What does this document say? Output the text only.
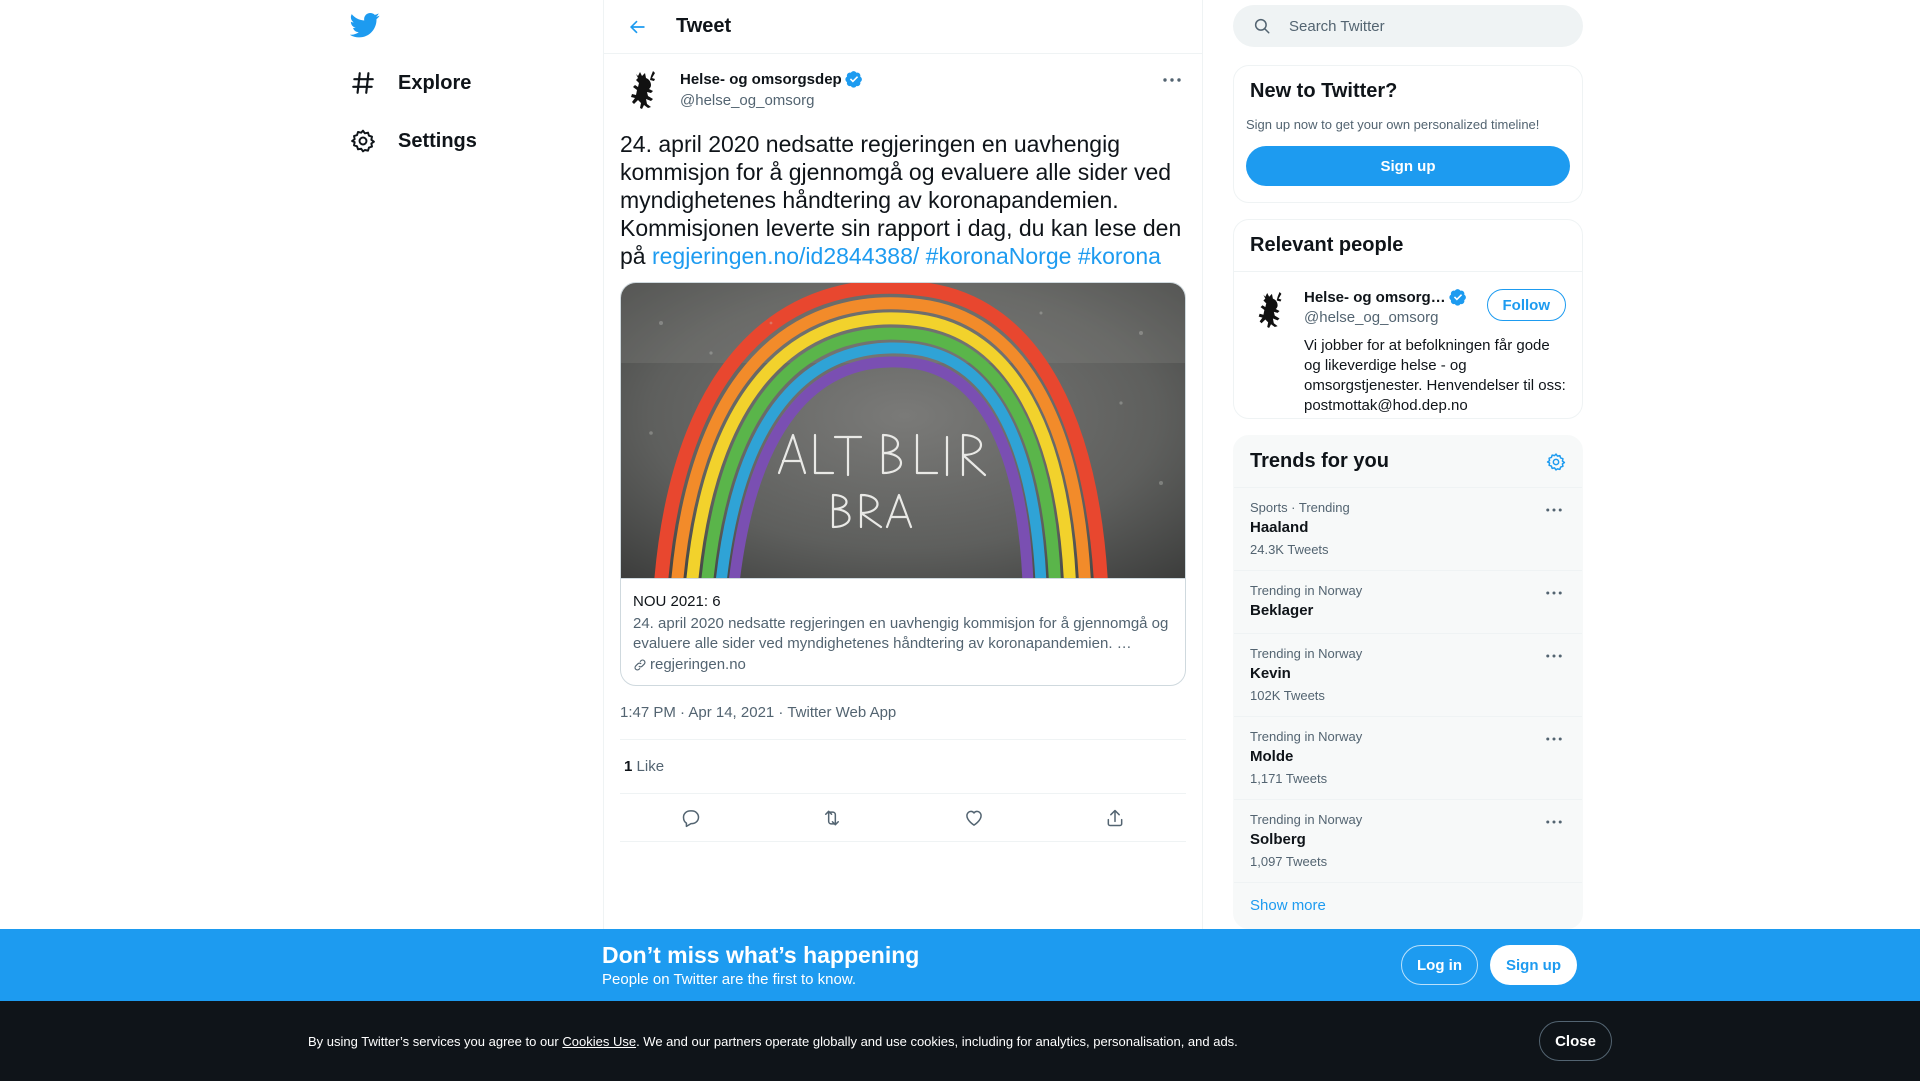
Explore
Settings
Tweet
Helse- og omsorgsdep
@helse_og_omsorg
24. april 2020 nedsatte regjeringen en uavhengig kommisjon for å gjennomgå og evaluere alle sider ved myndighetenes håndtering av koronapandemien. Kommisjonen leverte sin rapport i dag, du kan lese den på regjeringen.no/id2844388/ #koronaNorge #korona
NOU 2021: 6
24. april 2020 nedsatte regjeringen en uavhengig kommisjon for å gjennomgå og evaluere alle sider ved myndighetenes håndtering av koronapandemien. …
regjeringen.no
1:47 PM · Apr 14, 2021 · Twitter Web App
1 Like
Search Twitter
New to Twitter?
Sign up now to get your own personalized timeline!
Sign up
Relevant people
Helse- og omsorg…
@helse_og_omsorg
Vi jobber for at befolkningen får gode og likeverdige helse - og omsorgstjenester. Henvendelser til oss: postmottak@hod.dep.no
Follow
Trends for you
Sports · Trending
Haaland
24.3K Tweets
Trending in Norway
Beklager
Trending in Norway
Kevin
102K Tweets
Trending in Norway
Molde
1,171 Tweets
Trending in Norway
Solberg
1,097 Tweets
Show more
Don’t miss what’s happening
People on Twitter are the first to know.
Log in	Sign up
By using Twitter’s services you agree to our Cookies Use. We and our partners operate globally and use cookies, including for analytics, personalisation, and ads.	Close
